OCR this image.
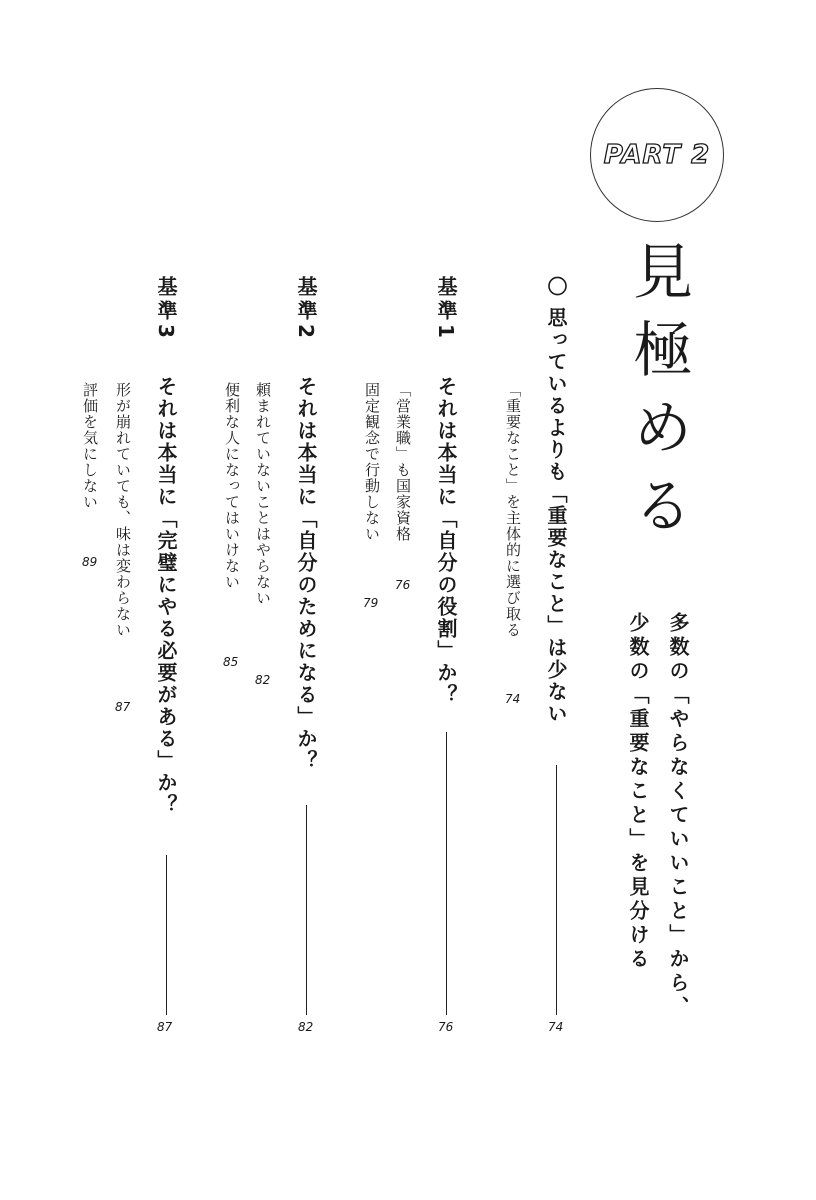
PART 2
見極める
多数の「やらなくていいこと」から、
少数の「重要なこと」を見分ける
〇 思っているよりも「重要なこと」は少ない
74
「重要なこと」を主体的に選び取る
74
基準1
それは本当に「自分の役割」か？
76
「営業職」も国家資格
76
固定観念で行動しない
79
基準2
それは本当に「自分のためになる」か？
82
頼まれていないことはやらない
82
便利な人になってはいけない
85
基準3
それは本当に「完璧にやる必要がある」か？
87
形が崩れていても、味は変わらない
87
評価を気にしない
89
